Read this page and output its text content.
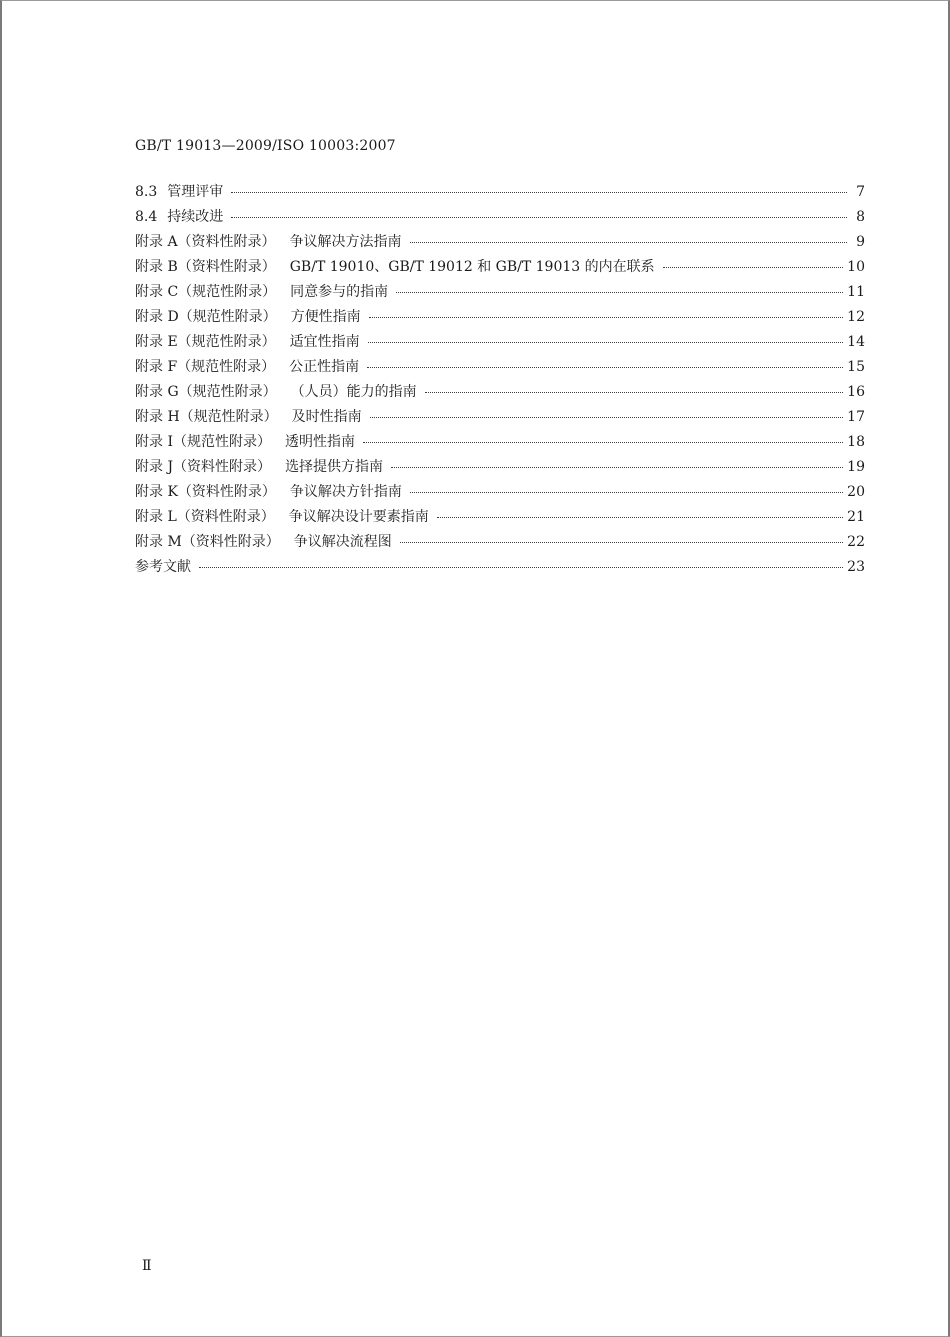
GB/T 19013—2009/ISO 10003:2007
8.3 管理评审	7
8.4 持续改进	8
附录 A（资料性附录）	争议解决方法指南	9
附录 B（资料性附录）	GB/T 19010、GB/T 19012 和 GB/T 19013 的内在联系	10
附录 C（规范性附录）	同意参与的指南	11
附录 D（规范性附录）	方便性指南	12
附录 E（规范性附录）	适宜性指南	14
附录 F（规范性附录）	公正性指南	15
附录 G（规范性附录）	（人员）能力的指南	16
附录 H（规范性附录）	及时性指南	17
附录 I（规范性附录）	透明性指南	18
附录 J（资料性附录）	选择提供方指南	19
附录 K（资料性附录）	争议解决方针指南	20
附录 L（资料性附录）	争议解决设计要素指南	21
附录 M（资料性附录）	争议解决流程图	22
参考文献	23
Ⅱ
